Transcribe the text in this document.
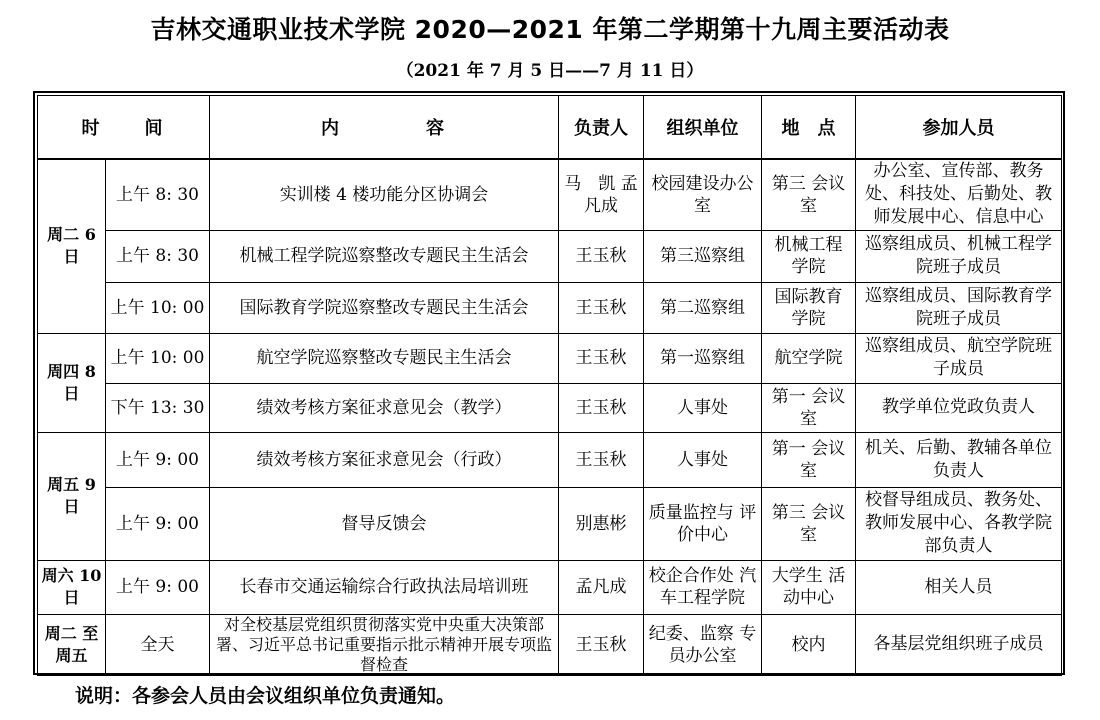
吉林交通职业技术学院 2020—2021 年第二学期第十九周主要活动表
（2021 年 7 月 5 日——7 月 11 日）
时　　间		内　　　　容	负责人	组织单位	地　点	参加人员
周二 6日	上午 8: 30	实训楼 4 楼功能分区协调会	马　凯 孟凡成	校园建设办公室	第三 会议室	办公室、宣传部、教务处、科技处、后勤处、教师发展中心、信息中心
	上午 8: 30	机械工程学院巡察整改专题民主生活会	王玉秋	第三巡察组	机械工程 学院	巡察组成员、机械工程学院班子成员
	上午 10: 00	国际教育学院巡察整改专题民主生活会	王玉秋	第二巡察组	国际教育 学院	巡察组成员、国际教育学院班子成员
周四 8日	上午 10: 00	航空学院巡察整改专题民主生活会	王玉秋	第一巡察组	航空学院	巡察组成员、航空学院班子成员
	下午 13: 30	绩效考核方案征求意见会（教学）	王玉秋	人事处	第一 会议室	教学单位党政负责人
周五 9日	上午 9: 00	绩效考核方案征求意见会（行政）	王玉秋	人事处	第一 会议室	机关、后勤、教辅各单位负责人
	上午 9: 00	督导反馈会	别惠彬	质量监控与 评价中心	第三 会议室	校督导组成员、教务处、教师发展中心、各教学院部负责人
周六 10日	上午 9: 00	长春市交通运输综合行政执法局培训班	孟凡成	校企合作处 汽车工程学院	大学生 活动中心	相关人员
周二 至周五	全天	对全校基层党组织贯彻落实党中央重大决策部署、习近平总书记重要指示批示精神开展专项监督检查	王玉秋	纪委、监察 专员办公室	校内	各基层党组织班子成员
说明：各参会人员由会议组织单位负责通知。
